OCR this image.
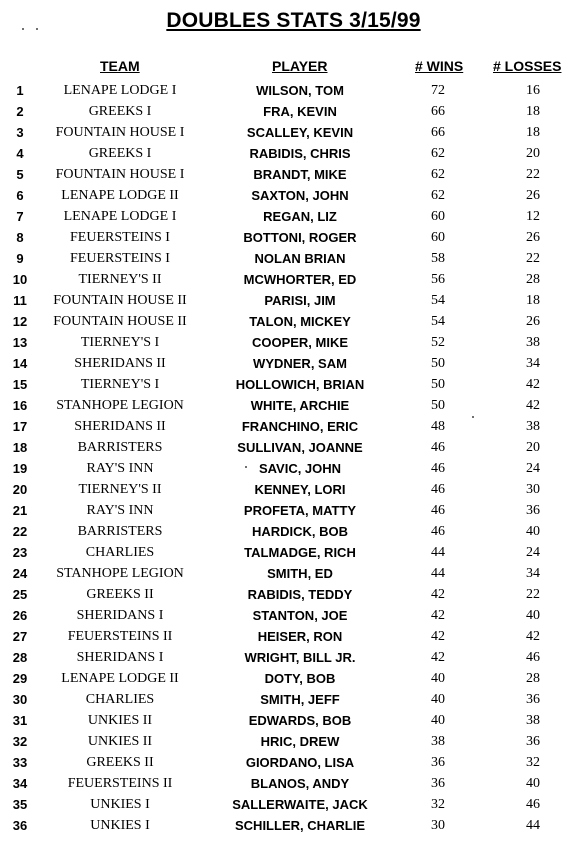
DOUBLES STATS 3/15/99
TEAM	PLAYER	# WINS # LOSSES
1	LENAPE LODGE I	WILSON, TOM	72	16
2	GREEKS I	FRA, KEVIN	66	18
3	FOUNTAIN HOUSE I	SCALLEY, KEVIN	66	18
4	GREEKS I	RABIDIS, CHRIS	62	20
5	FOUNTAIN HOUSE I	BRANDT, MIKE	62	22
6	LENAPE LODGE II	SAXTON, JOHN	62	26
7	LENAPE LODGE I	REGAN, LIZ	60	12
8	FEUERSTEINS I	BOTTONI, ROGER	60	26
9	FEUERSTEINS I	NOLAN BRIAN	58	22
10	TIERNEY'S II	MCWHORTER, ED	56	28
11	FOUNTAIN HOUSE II	PARISI, JIM	54	18
12	FOUNTAIN HOUSE II	TALON, MICKEY	54	26
13	TIERNEY'S I	COOPER, MIKE	52	38
14	SHERIDANS II	WYDNER, SAM	50	34
15	TIERNEY'S I	HOLLOWICH, BRIAN	50	42
16	STANHOPE LEGION	WHITE, ARCHIE	50	42
17	SHERIDANS II	FRANCHINO, ERIC	48	38
18	BARRISTERS	SULLIVAN, JOANNE	46	20
19	RAY'S INN	SAVIC, JOHN	46	24
20	TIERNEY'S II	KENNEY, LORI	46	30
21	RAY'S INN	PROFETA, MATTY	46	36
22	BARRISTERS	HARDICK, BOB	46	40
23	CHARLIES	TALMADGE, RICH	44	24
24	STANHOPE LEGION	SMITH, ED	44	34
25	GREEKS II	RABIDIS, TEDDY	42	22
26	SHERIDANS I	STANTON, JOE	42	40
27	FEUERSTEINS II	HEISER, RON	42	42
28	SHERIDANS I	WRIGHT, BILL JR.	42	46
29	LENAPE LODGE II	DOTY, BOB	40	28
30	CHARLIES	SMITH, JEFF	40	36
31	UNKIES II	EDWARDS, BOB	40	38
32	UNKIES II	HRIC, DREW	38	36
33	GREEKS II	GIORDANO, LISA	36	32
34	FEUERSTEINS II	BLANOS, ANDY	36	40
35	UNKIES I	SALLERWAITE, JACK	32	46
36	UNKIES I	SCHILLER, CHARLIE	30	44
